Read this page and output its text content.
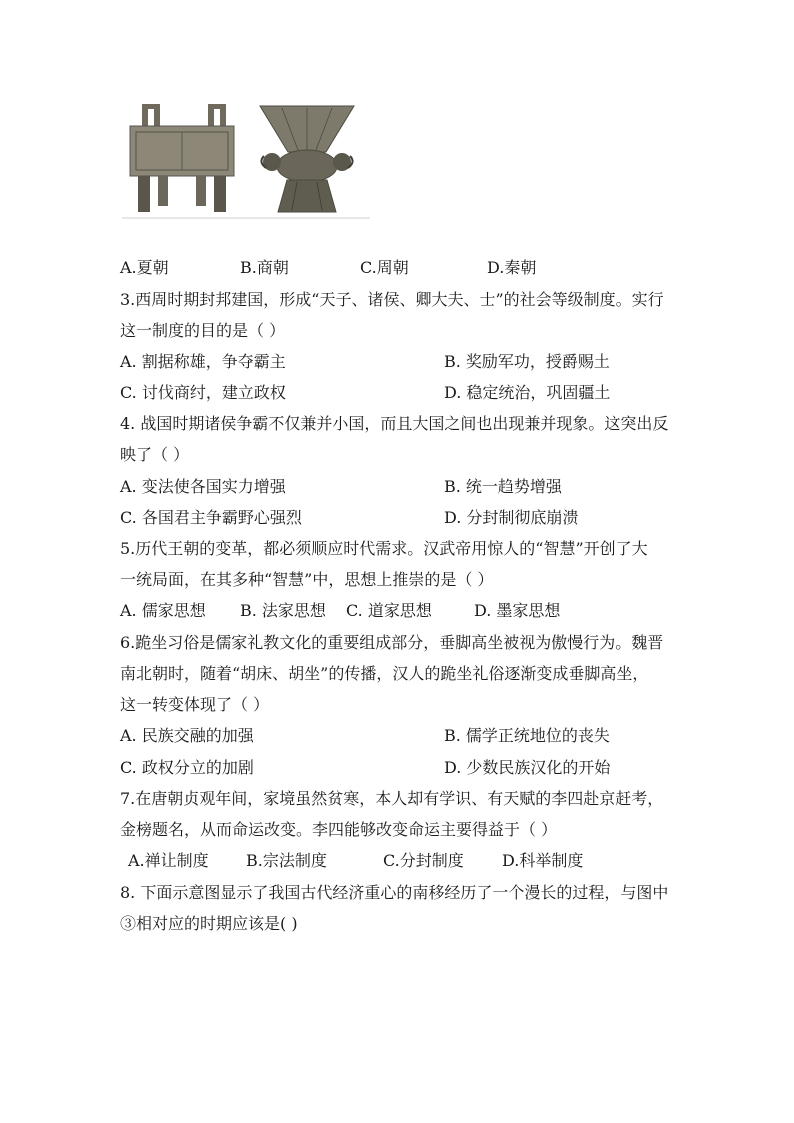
A.夏朝	B.商朝	C.周朝	D.秦朝
3.西周时期封邦建国，形成“天子、诸侯、卿大夫、士”的社会等级制度。实行
这一制度的目的是（ ）
A. 割据称雄，争夺霸主	B. 奖励军功，授爵赐土
C. 讨伐商纣，建立政权	D. 稳定统治，巩固疆土
4. 战国时期诸侯争霸不仅兼并小国，而且大国之间也出现兼并现象。这突出反
映了（ ）
A. 变法使各国实力增强	B. 统一趋势增强
C. 各国君主争霸野心强烈	D. 分封制彻底崩溃
5.历代王朝的变革，都必须顺应时代需求。汉武帝用惊人的“智慧”开创了大
一统局面，在其多种“智慧”中，思想上推崇的是（ ）
A. 儒家思想 B. 法家思想 C. 道家思想	D. 墨家思想
6.跪坐习俗是儒家礼教文化的重要组成部分，垂脚高坐被视为傲慢行为。魏晋
南北朝时，随着“胡床、胡坐”的传播，汉人的跪坐礼俗逐渐变成垂脚高坐，
这一转变体现了（ ）
A. 民族交融的加强	B. 儒学正统地位的丧失
C. 政权分立的加剧	D. 少数民族汉化的开始
7.在唐朝贞观年间，家境虽然贫寒，本人却有学识、有天赋的李四赴京赶考，
金榜题名，从而命运改变。李四能够改变命运主要得益于（ ）
A.禅让制度 B.宗法制度	C.分封制度 D.科举制度
8. 下面示意图显示了我国古代经济重心的南移经历了一个漫长的过程，与图中
③相对应的时期应该是( )
